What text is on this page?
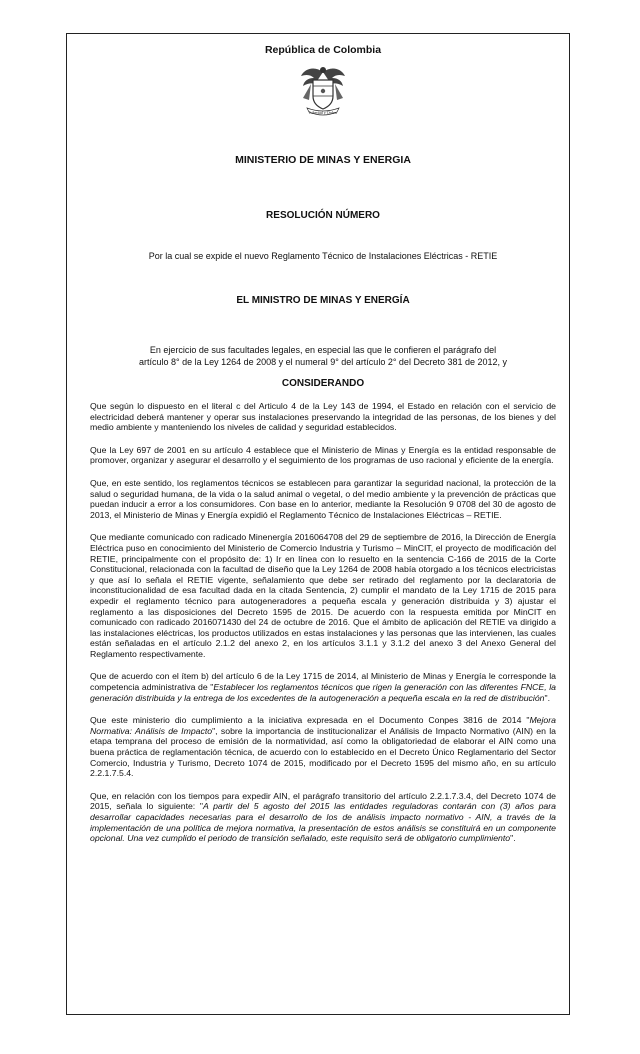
República de Colombia

Libertad y Orden

MINISTERIO DE MINAS Y ENERGIA

RESOLUCIÓN NÚMERO

Por la cual se expide el nuevo Reglamento Técnico de Instalaciones Eléctricas - RETIE

EL MINISTRO DE MINAS Y ENERGÍA

En ejercicio de sus facultades legales, en especial las que le confieren el parágrafo del
artículo 8° de la Ley 1264 de 2008 y el numeral 9° del artículo 2° del Decreto 381 de 2012, y

CONSIDERANDO

Que según lo dispuesto en el literal c del Articulo 4 de la Ley 143 de 1994, el Estado en relación con el servicio de electricidad deberá mantener y operar sus instalaciones preservando la integridad de las personas, de los bienes y del medio ambiente y manteniendo los niveles de calidad y seguridad establecidos.

Que la Ley 697 de 2001 en su artículo 4 establece que el Ministerio de Minas y Energía es la entidad responsable de promover, organizar y asegurar el desarrollo y el seguimiento de los programas de uso racional y eficiente de la energía.

Que, en este sentido, los reglamentos técnicos se establecen para garantizar la seguridad nacional, la protección de la salud o seguridad humana, de la vida o la salud animal o vegetal, o del medio ambiente y la prevención de prácticas que puedan inducir a error a los consumidores. Con base en lo anterior, mediante la Resolución 9 0708 del 30 de agosto de 2013, el Ministerio de Minas y Energía expidió el Reglamento Técnico de Instalaciones Eléctricas – RETIE.

Que mediante comunicado con radicado Minenergía 2016064708 del 29 de septiembre de 2016, la Dirección de Energía Eléctrica puso en conocimiento del Ministerio de Comercio Industria y Turismo – MinCIT, el proyecto de modificación del RETIE, principalmente con el propósito de: 1) Ir en línea con lo resuelto en la sentencia C-166 de 2015 de la Corte Constitucional, relacionada con la facultad de diseño que la Ley 1264 de 2008 había otorgado a los técnicos electricistas y que así lo señala el RETIE vigente, señalamiento que debe ser retirado del reglamento por la declaratoria de inconstitucionalidad de esa facultad dada en la citada Sentencia, 2) cumplir el mandato de la Ley 1715 de 2015 para expedir el reglamento técnico para autogeneradores a pequeña escala y generación distribuida y 3) ajustar el reglamento a las disposiciones del Decreto 1595 de 2015. De acuerdo con la respuesta emitida por MinCIT en comunicado con radicado 2016071430 del 24 de octubre de 2016. Que el ámbito de aplicación del RETIE va dirigido a las instalaciones eléctricas, los productos utilizados en estas instalaciones y las personas que las intervienen, las cuales están señaladas en el artículo 2.1.2 del anexo 2, en los artículos 3.1.1 y 3.1.2 del anexo 3 del Anexo General del Reglamento respectivamente.

Que de acuerdo con el ítem b) del artículo 6 de la Ley 1715 de 2014, al Ministerio de Minas y Energía le corresponde la competencia administrativa de "Establecer los reglamentos técnicos que rigen la generación con las diferentes FNCE, la generación distribuida y la entrega de los excedentes de la autogeneración a pequeña escala en la red de distribución".

Que este ministerio dio cumplimiento a la iniciativa expresada en el Documento Conpes 3816 de 2014 "Mejora Normativa: Análisis de Impacto", sobre la importancia de institucionalizar el Análisis de Impacto Normativo (AIN) en la etapa temprana del proceso de emisión de la normatividad, así como la obligatoriedad de elaborar el AIN como una buena práctica de reglamentación técnica, de acuerdo con lo establecido en el Decreto Único Reglamentario del Sector Comercio, Industria y Turismo, Decreto 1074 de 2015, modificado por el Decreto 1595 del mismo año, en su artículo 2.2.1.7.5.4.

Que, en relación con los tiempos para expedir AIN, el parágrafo transitorio del artículo 2.2.1.7.3.4, del Decreto 1074 de 2015, señala lo siguiente: "A partir del 5 agosto del 2015 las entidades reguladoras contarán con (3) años para desarrollar capacidades necesarias para el desarrollo de los de análisis impacto normativo - AIN, a través de la implementación de una política de mejora normativa, la presentación de estos análisis se constituirá en un componente opcional. Una vez cumplido el periodo de transición señalado, este requisito será de obligatorio cumplimiento".
